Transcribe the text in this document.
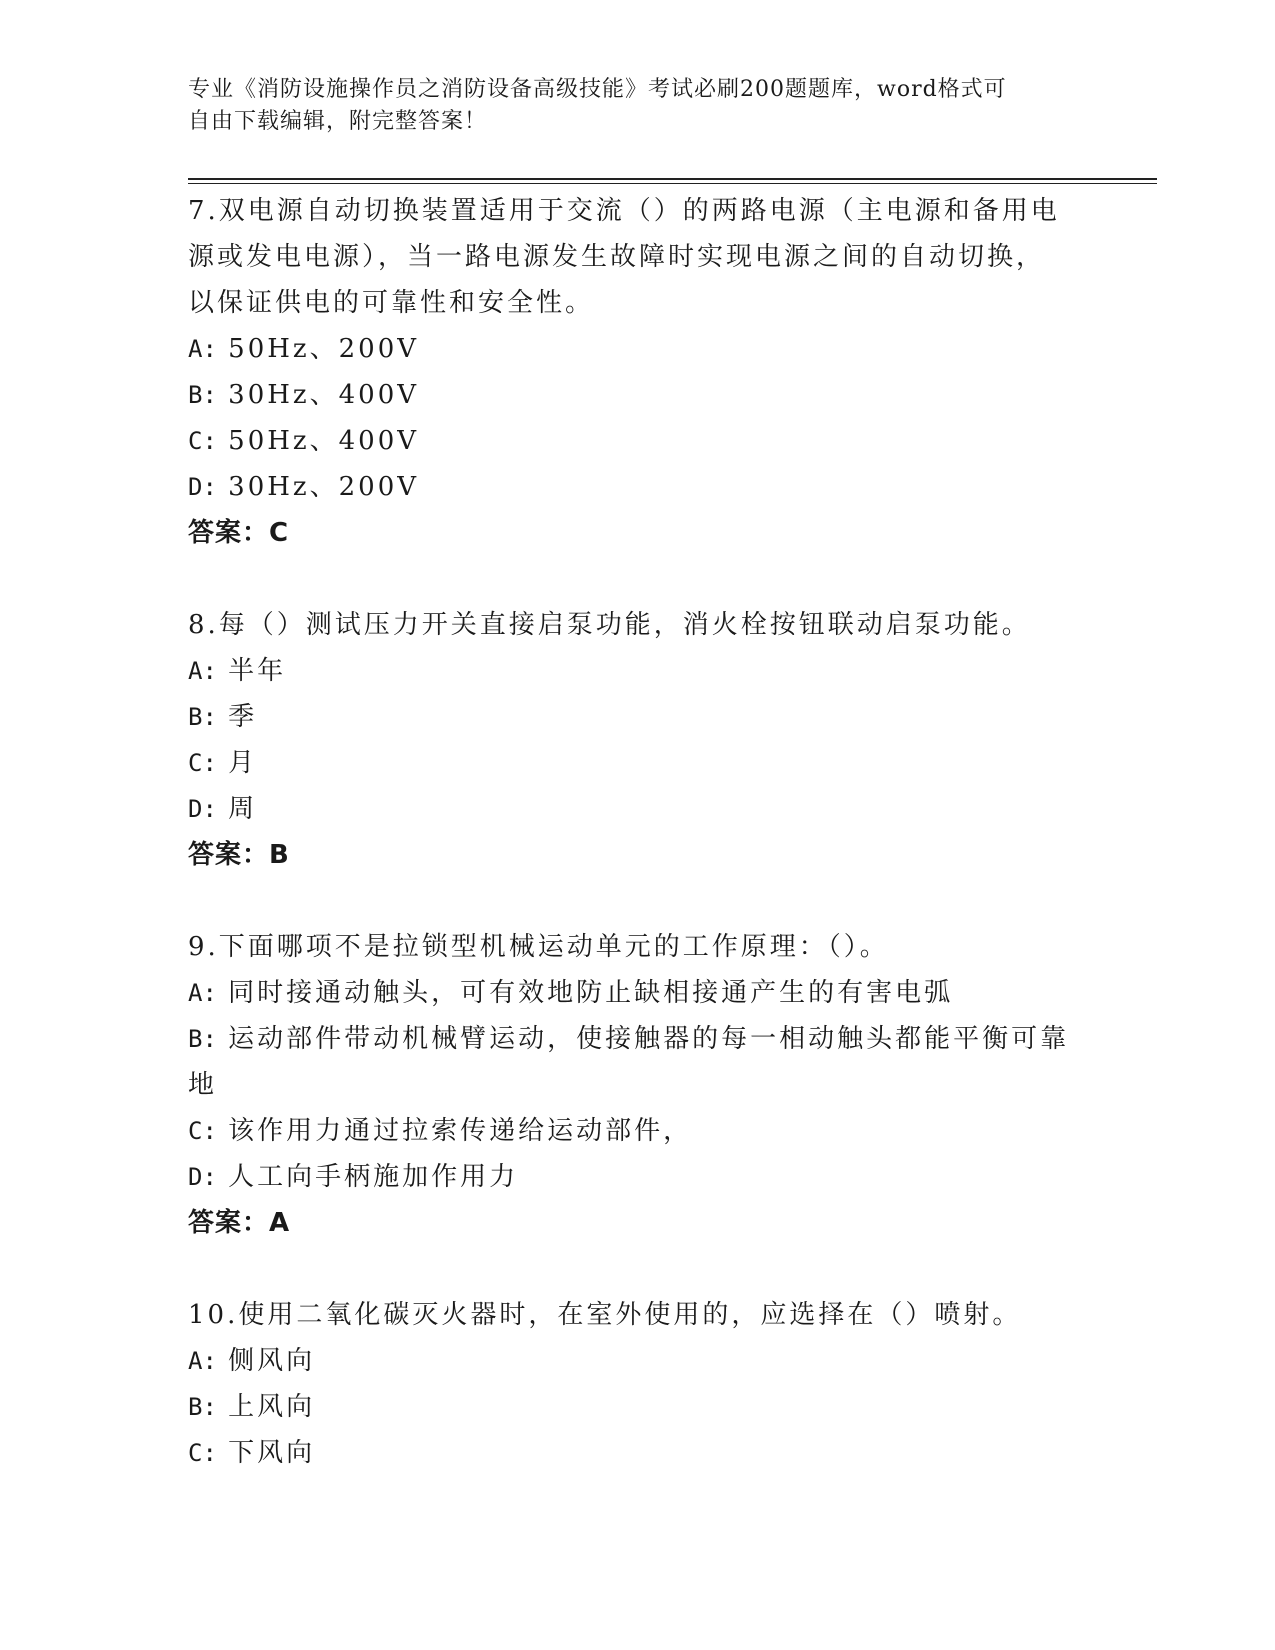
专业《消防设施操作员之消防设备高级技能》考试必刷200题题库，word格式可
自由下载编辑，附完整答案！
7.双电源自动切换装置适用于交流（）的两路电源（主电源和备用电
源或发电电源），当一路电源发生故障时实现电源之间的自动切换，
以保证供电的可靠性和安全性。
A: 50Hz、200V
B: 30Hz、400V
C: 50Hz、400V
D: 30Hz、200V
答案：C
8.每（）测试压力开关直接启泵功能，消火栓按钮联动启泵功能。
A: 半年
B: 季
C: 月
D: 周
答案：B
9.下面哪项不是拉锁型机械运动单元的工作原理：（）。
A: 同时接通动触头，可有效地防止缺相接通产生的有害电弧
B: 运动部件带动机械臂运动，使接触器的每一相动触头都能平衡可靠
地
C: 该作用力通过拉索传递给运动部件，
D: 人工向手柄施加作用力
答案：A
10.使用二氧化碳灭火器时，在室外使用的，应选择在（）喷射。
A: 侧风向
B: 上风向
C: 下风向
